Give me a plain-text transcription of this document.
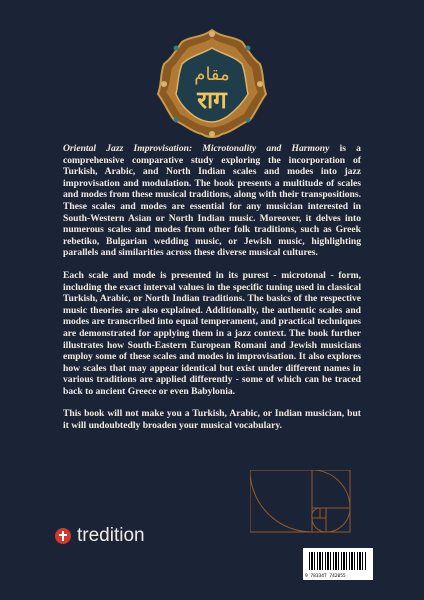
مقام
राग

Oriental Jazz Improvisation: Microtonality and Harmony is a comprehensive comparative study exploring the incorporation of Turkish, Arabic, and North Indian scales and modes into jazz improvisation and modulation. The book presents a multitude of scales and modes from these musical traditions, along with their transpositions. These scales and modes are essential for any musician interested in South-Western Asian or North Indian music. Moreover, it delves into numerous scales and modes from other folk traditions, such as Greek rebetiko, Bulgarian wedding music, or Jewish music, highlighting parallels and similarities across these diverse musical cultures.

Each scale and mode is presented in its purest - microtonal - form, including the exact interval values in the specific tuning used in classical Turkish, Arabic, or North Indian traditions. The basics of the respective music theories are also explained. Additionally, the authentic scales and modes are transcribed into equal temperament, and practical techniques are demonstrated for applying them in a jazz context. The book further illustrates how South-Eastern European Romani and Jewish musicians employ some of these scales and modes in improvisation. It also explores how scales that may appear identical but exist under different names in various traditions are applied differently - some of which can be traced back to ancient Greece or even Babylonia.

This book will not make you a Turkish, Arabic, or Indian musician, but it will undoubtedly broaden your musical vocabulary.

tredition
9 783347 742055
